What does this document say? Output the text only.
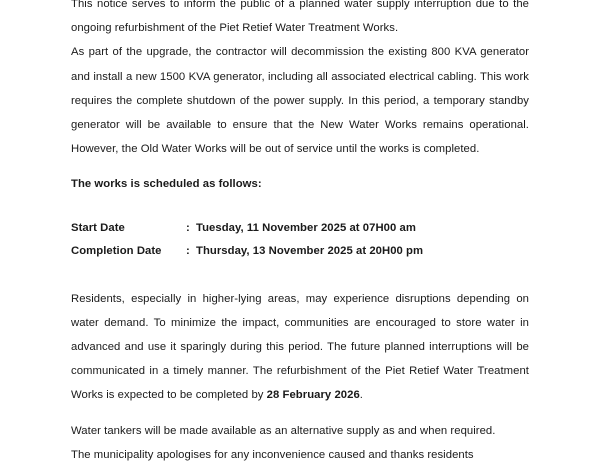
This notice serves to inform the public of a planned water supply interruption due to the ongoing refurbishment of the Piet Retief Water Treatment Works.

As part of the upgrade, the contractor will decommission the existing 800 KVA generator and install a new 1500 KVA generator, including all associated electrical cabling. This work requires the complete shutdown of the power supply. In this period, a temporary standby generator will be available to ensure that the New Water Works remains operational. However, the Old Water Works will be out of service until the works is completed.

The works is scheduled as follows:

Start Date	:	Tuesday, 11 November 2025 at 07H00 am
Completion Date	:	Thursday, 13 November 2025 at 20H00 pm

Residents, especially in higher-lying areas, may experience disruptions depending on water demand. To minimize the impact, communities are encouraged to store water in advanced and use it sparingly during this period. The future planned interruptions will be communicated in a timely manner. The refurbishment of the Piet Retief Water Treatment Works is expected to be completed by 28 February 2026.

Water tankers will be made available as an alternative supply as and when required.

The municipality apologises for any inconvenience caused and thanks residents
